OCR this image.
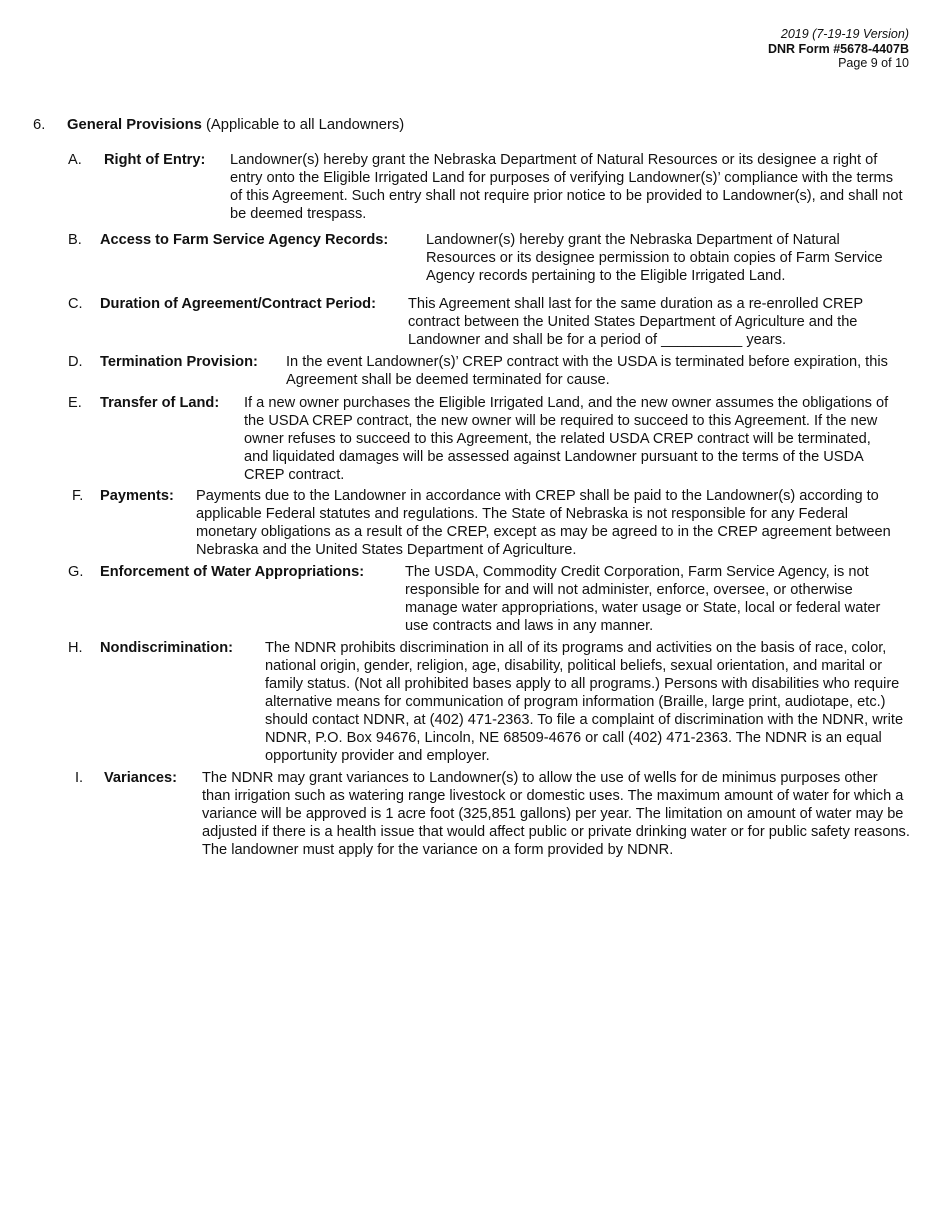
2019 (7-19-19 Version)
DNR Form #5678-4407B
Page 9 of 10
6. General Provisions (Applicable to all Landowners)
A. Right of Entry: Landowner(s) hereby grant the Nebraska Department of Natural Resources or its designee a right of entry onto the Eligible Irrigated Land for purposes of verifying Landowner(s)’ compliance with the terms of this Agreement. Such entry shall not require prior notice to be provided to Landowner(s), and shall not be deemed trespass.
B. Access to Farm Service Agency Records:	Landowner(s) hereby grant the Nebraska Department of Natural Resources or its designee permission to obtain copies of Farm Service Agency records pertaining to the Eligible Irrigated Land.
C. Duration of Agreement/Contract Period: This Agreement shall last for the same duration as a re-enrolled CREP contract between the United States Department of Agriculture and the Landowner and shall be for a period of __________ years.
D. Termination Provision: In the event Landowner(s)’ CREP contract with the USDA is terminated before expiration, this Agreement shall be deemed terminated for cause.
E. Transfer of Land: If a new owner purchases the Eligible Irrigated Land, and the new owner assumes the obligations of the USDA CREP contract, the new owner will be required to succeed to this Agreement. If the new owner refuses to succeed to this Agreement, the related USDA CREP contract will be terminated, and liquidated damages will be assessed against Landowner pursuant to the terms of the USDA CREP contract.
F. Payments: Payments due to the Landowner in accordance with CREP shall be paid to the Landowner(s) according to applicable Federal statutes and regulations. The State of Nebraska is not responsible for any Federal monetary obligations as a result of the CREP, except as may be agreed to in the CREP agreement between Nebraska and the United States Department of Agriculture.
G. Enforcement of Water Appropriations:	The USDA, Commodity Credit Corporation, Farm Service Agency, is not responsible for and will not administer, enforce, oversee, or otherwise manage water appropriations, water usage or State, local or federal water use contracts and laws in any manner.
H. Nondiscrimination: The NDNR prohibits discrimination in all of its programs and activities on the basis of race, color, national origin, gender, religion, age, disability, political beliefs, sexual orientation, and marital or family status. (Not all prohibited bases apply to all programs.) Persons with disabilities who require alternative means for communication of program information (Braille, large print, audiotape, etc.) should contact NDNR, at (402) 471-2363. To file a complaint of discrimination with the NDNR, write NDNR, P.O. Box 94676, Lincoln, NE 68509-4676 or call (402) 471-2363. The NDNR is an equal opportunity provider and employer.
I. Variances: The NDNR may grant variances to Landowner(s) to allow the use of wells for de minimus purposes other than irrigation such as watering range livestock or domestic uses. The maximum amount of water for which a variance will be approved is 1 acre foot (325,851 gallons) per year. The limitation on amount of water may be adjusted if there is a health issue that would affect public or private drinking water or for public safety reasons. The landowner must apply for the variance on a form provided by NDNR.
